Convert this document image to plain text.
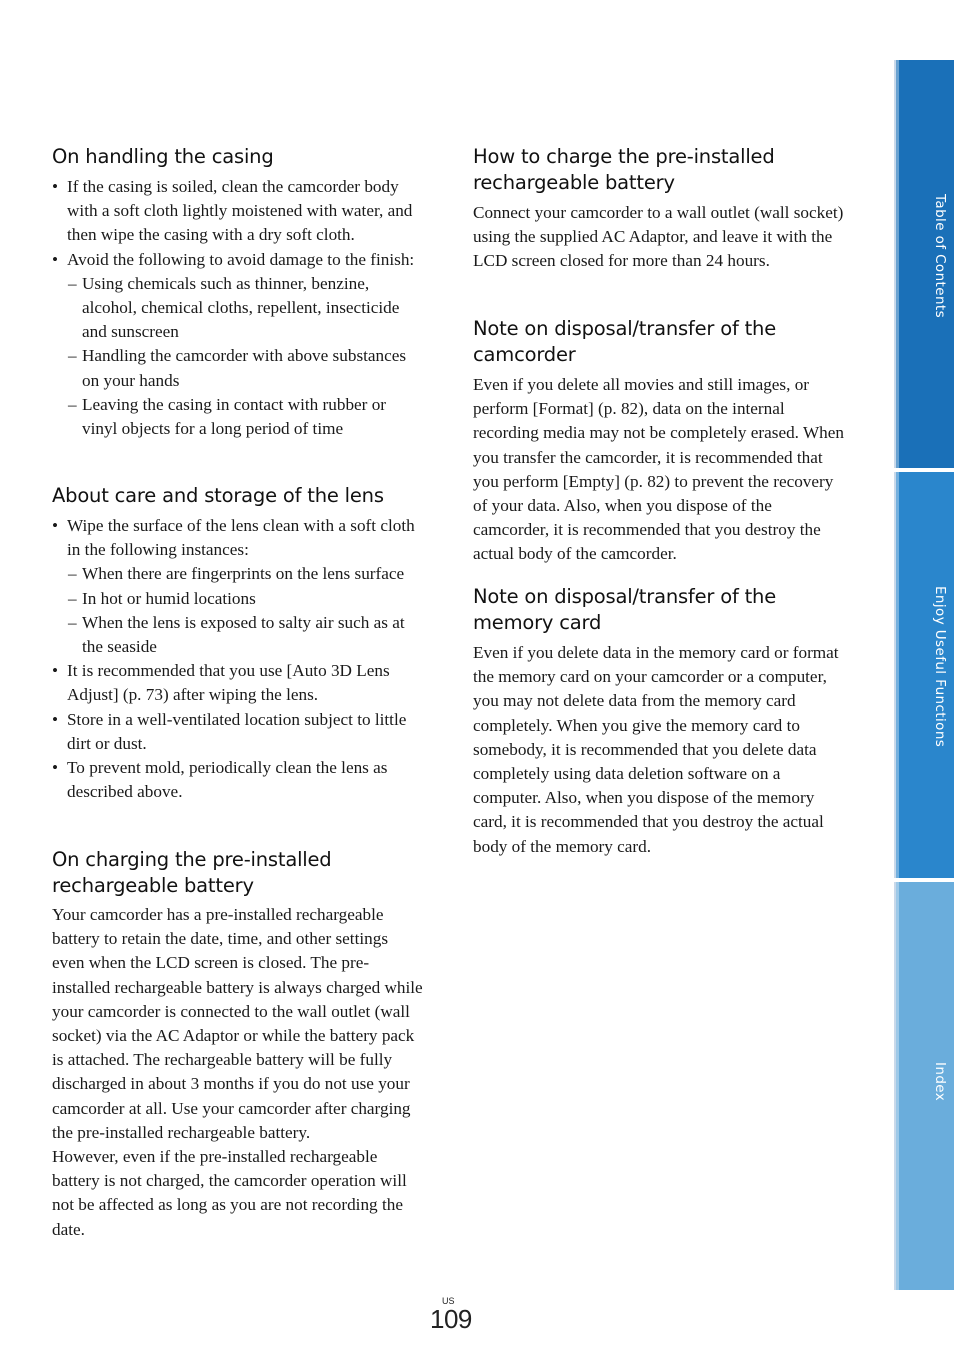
On handling the casing
• If the casing is soiled, clean the camcorder body with a soft cloth lightly moistened with water, and then wipe the casing with a dry soft cloth.
• Avoid the following to avoid damage to the finish:
– Using chemicals such as thinner, benzine, alcohol, chemical cloths, repellent, insecticide and sunscreen
– Handling the camcorder with above substances on your hands
– Leaving the casing in contact with rubber or vinyl objects for a long period of time
About care and storage of the lens
• Wipe the surface of the lens clean with a soft cloth in the following instances:
– When there are fingerprints on the lens surface
– In hot or humid locations
– When the lens is exposed to salty air such as at the seaside
• It is recommended that you use [Auto 3D Lens Adjust] (p. 73) after wiping the lens.
• Store in a well-ventilated location subject to little dirt or dust.
• To prevent mold, periodically clean the lens as described above.
On charging the pre-installed
rechargeable battery

Your camcorder has a pre-installed rechargeable battery to retain the date, time, and other settings even when the LCD screen is closed. The pre-installed rechargeable battery is always charged while your camcorder is connected to the wall outlet (wall socket) via the AC Adaptor or while the battery pack is attached. The rechargeable battery will be fully discharged in about 3 months if you do not use your camcorder at all. Use your camcorder after charging the pre-installed rechargeable battery.

However, even if the pre-installed rechargeable battery is not charged, the camcorder operation will not be affected as long as you are not recording the date.

How to charge the pre-installed
rechargeable battery

Connect your camcorder to a wall outlet (wall socket) using the supplied AC Adaptor, and leave it with the LCD screen closed for more than 24 hours.

Note on disposal/transfer of the
camcorder

Even if you delete all movies and still images, or perform [Format] (p. 82), data on the internal recording media may not be completely erased. When you transfer the camcorder, it is recommended that you perform [Empty] (p. 82) to prevent the recovery of your data. Also, when you dispose of the camcorder, it is recommended that you destroy the actual body of the camcorder.

Note on disposal/transfer of the
memory card

Even if you delete data in the memory card or format the memory card on your camcorder or a computer, you may not delete data from the memory card completely. When you give the memory card to somebody, it is recommended that you delete data completely using data deletion software on a computer. Also, when you dispose of the memory card, it is recommended that you destroy the actual body of the memory card.

Table of Contents
Enjoy Useful Functions
Index
US
109
